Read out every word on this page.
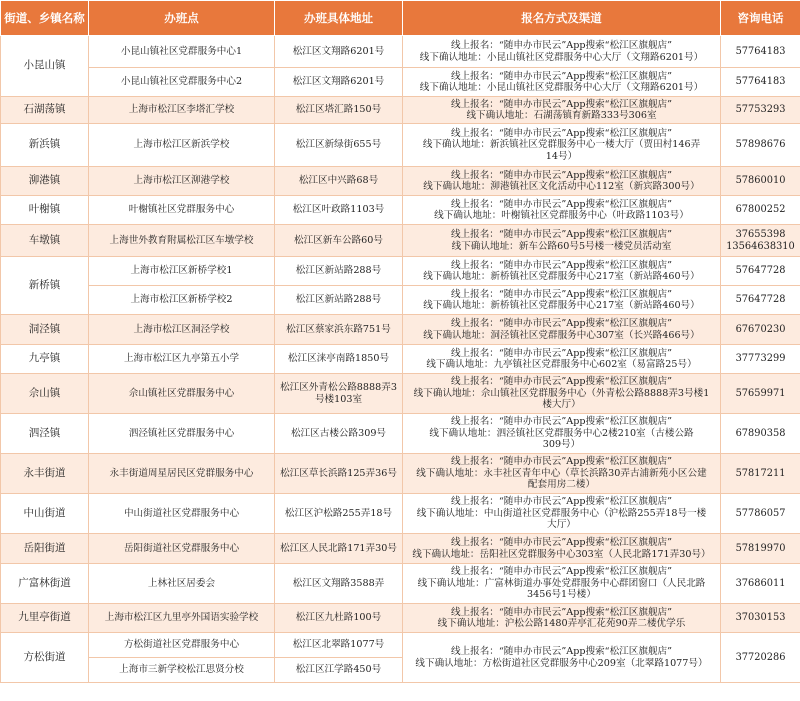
街道、乡镇名称	办班点	办班具体地址	报名方式及渠道	咨询电话
小昆山镇	小昆山镇社区党群服务中心1	松江区文翔路6201号	线上报名：“随申办市民云”App搜索“松江区旗舰店”
线下确认地址：小昆山镇社区党群服务中心大厅（文翔路6201号）	57764183
	小昆山镇社区党群服务中心2	松江区文翔路6201号	线上报名：“随申办市民云”App搜索“松江区旗舰店”
线下确认地址：小昆山镇社区党群服务中心大厅（文翔路6201号）	57764183
石湖荡镇	上海市松江区李塔汇学校	松江区塔汇路150号	线上报名：“随申办市民云”App搜索“松江区旗舰店”
线下确认地址：石湖荡镇育新路333号306室	57753293
新浜镇	上海市松江区新浜学校	松江区新绿街655号	线上报名：“随申办市民云”App搜索“松江区旗舰店”
线下确认地址：新浜镇社区党群服务中心一楼大厅（贾田村146弄
14号）	57898676
泖港镇	上海市松江区泖港学校	松江区中兴路68号	线上报名：“随申办市民云”App搜索“松江区旗舰店”
线下确认地址：泖港镇社区文化活动中心112室（新宾路300号）	57860010
叶榭镇	叶榭镇社区党群服务中心	松江区叶政路1103号	线上报名：“随申办市民云”App搜索“松江区旗舰店”
线下确认地址：叶榭镇社区党群服务中心（叶政路1103号）	67800252
车墩镇	上海世外教育附属松江区车墩学校	松江区新车公路60号	线上报名：“随申办市民云”App搜索“松江区旗舰店”
线下确认地址：新车公路60号5号楼一楼党员活动室	37655398
13564638310

新桥镇	上海市松江区新桥学校1	松江区新站路288号	线上报名：“随申办市民云”App搜索“松江区旗舰店”
线下确认地址：新桥镇社区党群服务中心217室（新站路460号）	57647728
	上海市松江区新桥学校2	松江区新站路288号	线上报名：“随申办市民云”App搜索“松江区旗舰店”
线下确认地址：新桥镇社区党群服务中心217室（新站路460号）	57647728
洞泾镇	上海市松江区洞泾学校	松江区蔡家浜东路751号	线上报名：“随申办市民云”App搜索“松江区旗舰店”
线下确认地址：洞泾镇社区党群服务中心307室（长兴路466号）	67670230
九亭镇	上海市松江区九亭第五小学	松江区涞亭南路1850号	线上报名：“随申办市民云”App搜索“松江区旗舰店”
线下确认地址：九亭镇社区党群服务中心602室（易富路25号）	37773299
佘山镇	佘山镇社区党群服务中心	松江区外青松公路8888弄3
号楼103室	线上报名：“随申办市民云”App搜索“松江区旗舰店”
线下确认地址：佘山镇社区党群服务中心（外青松公路8888弄3号楼1
楼大厅）	57659971
泗泾镇	泗泾镇社区党群服务中心	松江区古楼公路309号	线上报名：“随申办市民云”App搜索“松江区旗舰店”
线下确认地址：泗泾镇社区党群服务中心2楼210室（古楼公路
309号）	67890358
永丰街道	永丰街道周星居民区党群服务中心	松江区草长浜路125弄36号	线上报名：“随申办市民云”App搜索“松江区旗舰店”
线下确认地址：永丰社区青年中心（草长浜路30弄古浦新苑小区公建
配套用房二楼）	57817211
中山街道	中山街道社区党群服务中心	松江区沪松路255弄18号	线上报名：“随申办市民云”App搜索“松江区旗舰店”
线下确认地址：中山街道社区党群服务中心（沪松路255弄18号一楼
大厅）	57786057
岳阳街道	岳阳街道社区党群服务中心	松江区人民北路171弄30号	线上报名：“随申办市民云”App搜索“松江区旗舰店”
线下确认地址：岳阳社区党群服务中心303室（人民北路171弄30号）	57819970
广富林街道	上林社区居委会	松江区文翔路3588弄	线上报名：“随申办市民云”App搜索“松江区旗舰店”
线下确认地址：广富林街道办事处党群服务中心群团窗口（人民北路
3456号1号楼）	37686011
九里亭街道	上海市松江区九里亭外国语实验学校	松江区九杜路100号	线上报名：“随申办市民云”App搜索“松江区旗舰店”
线下确认地址：沪松公路1480弄亭汇花苑90弄二楼优学乐	37030153
方松街道	方松街道社区党群服务中心	松江区北翠路1077号	线上报名：“随申办市民云”App搜索“松江区旗舰店”
线下确认地址：方松街道社区党群服务中心209室（北翠路1077号）	37720286
	上海市三新学校松江思贤分校	松江区江学路450号		
